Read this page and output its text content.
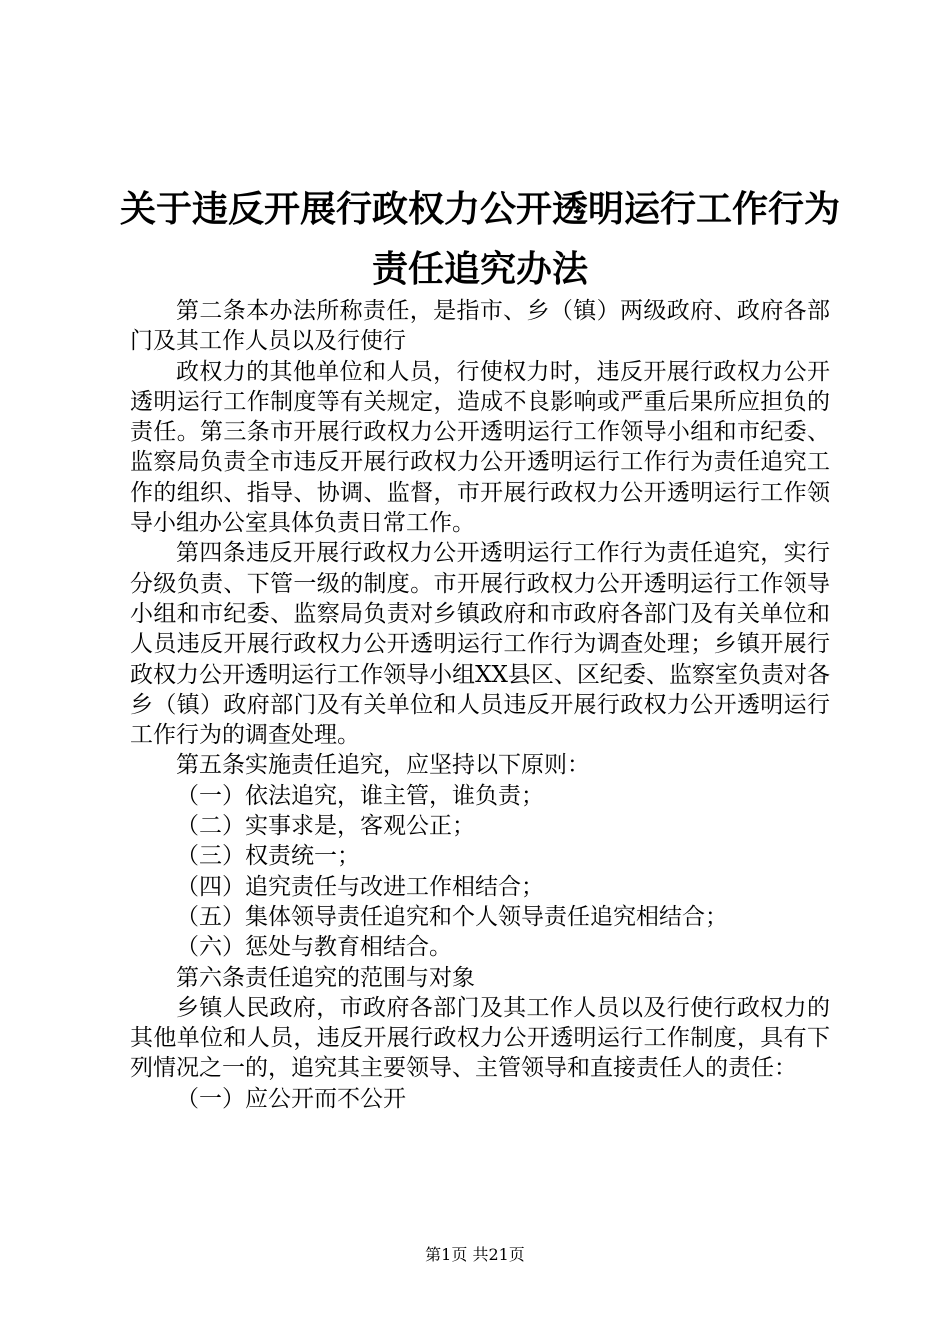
关于违反开展行政权力公开透明运行工作行为
责任追究办法

第二条本办法所称责任，是指市、乡（镇）两级政府、政府各部门及其工作人员以及行使行

政权力的其他单位和人员，行使权力时，违反开展行政权力公开透明运行工作制度等有关规定，造成不良影响或严重后果所应担负的责任。第三条市开展行政权力公开透明运行工作领导小组和市纪委、监察局负责全市违反开展行政权力公开透明运行工作行为责任追究工作的组织、指导、协调、监督，市开展行政权力公开透明运行工作领导小组办公室具体负责日常工作。

第四条违反开展行政权力公开透明运行工作行为责任追究，实行分级负责、下管一级的制度。市开展行政权力公开透明运行工作领导小组和市纪委、监察局负责对乡镇政府和市政府各部门及有关单位和人员违反开展行政权力公开透明运行工作行为调查处理；乡镇开展行政权力公开透明运行工作领导小组XX县区、区纪委、监察室负责对各乡（镇）政府部门及有关单位和人员违反开展行政权力公开透明运行工作行为的调查处理。

第五条实施责任追究，应坚持以下原则：

（一）依法追究，谁主管，谁负责；

（二）实事求是，客观公正；

（三）权责统一；

（四）追究责任与改进工作相结合；

（五）集体领导责任追究和个人领导责任追究相结合；

（六）惩处与教育相结合。

第六条责任追究的范围与对象

乡镇人民政府，市政府各部门及其工作人员以及行使行政权力的其他单位和人员，违反开展行政权力公开透明运行工作制度，具有下列情况之一的，追究其主要领导、主管领导和直接责任人的责任：

（一）应公开而不公开

第1页 共21页
